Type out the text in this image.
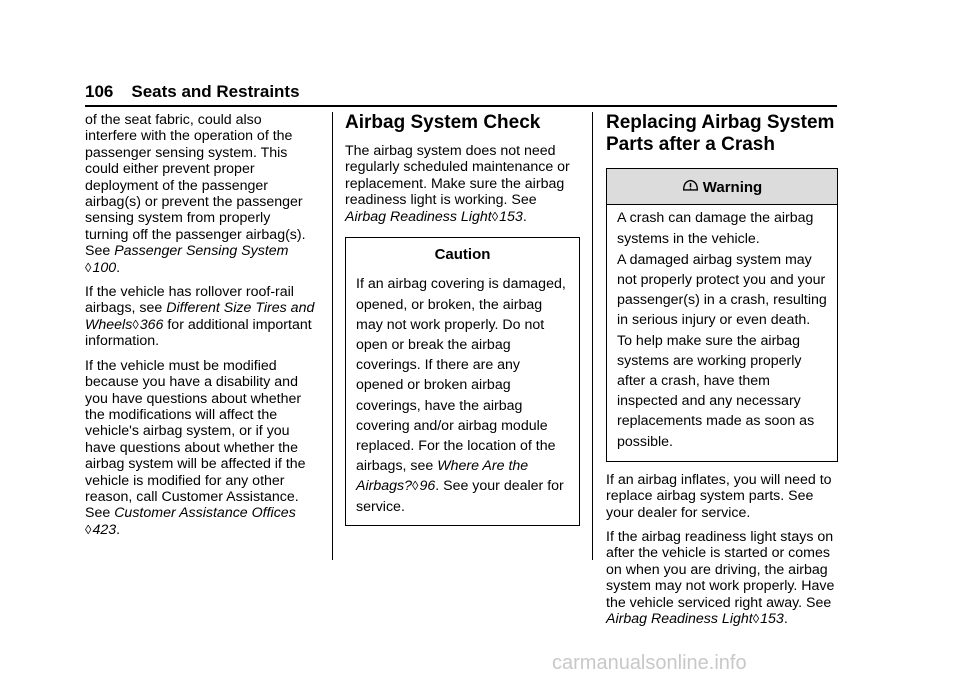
106 Seats and Restraints

of the seat fabric, could also interfere with the operation of the passenger sensing system. This could either prevent proper deployment of the passenger airbag(s) or prevent the passenger sensing system from properly turning off the passenger airbag(s). See Passenger Sensing System
◊100.

If the vehicle has rollover roof-rail airbags, see Different Size Tires and Wheels◊366 for additional important information.

If the vehicle must be modified because you have a disability and you have questions about whether the modifications will affect the vehicle's airbag system, or if you have questions about whether the airbag system will be affected if the vehicle is modified for any other reason, call Customer Assistance. See Customer Assistance Offices
◊423.

Airbag System Check

The airbag system does not need regularly scheduled maintenance or replacement. Make sure the airbag readiness light is working. See Airbag Readiness Light◊153.

Caution
If an airbag covering is damaged, opened, or broken, the airbag may not work properly. Do not open or break the airbag coverings. If there are any opened or broken airbag coverings, have the airbag covering and/or airbag module replaced. For the location of the airbags, see Where Are the Airbags?◊96. See your dealer for service.
Replacing Airbag System Parts after a Crash
Warning

A crash can damage the airbag systems in the vehicle.

A damaged airbag system may not properly protect you and your passenger(s) in a crash, resulting in serious injury or even death. To help make sure the airbag systems are working properly after a crash, have them inspected and any necessary replacements made as soon as possible.

If an airbag inflates, you will need to replace airbag system parts. See your dealer for service.

If the airbag readiness light stays on after the vehicle is started or comes on when you are driving, the airbag system may not work properly. Have the vehicle serviced right away. See
Airbag Readiness Light◊153.

carmanualsonline.info
